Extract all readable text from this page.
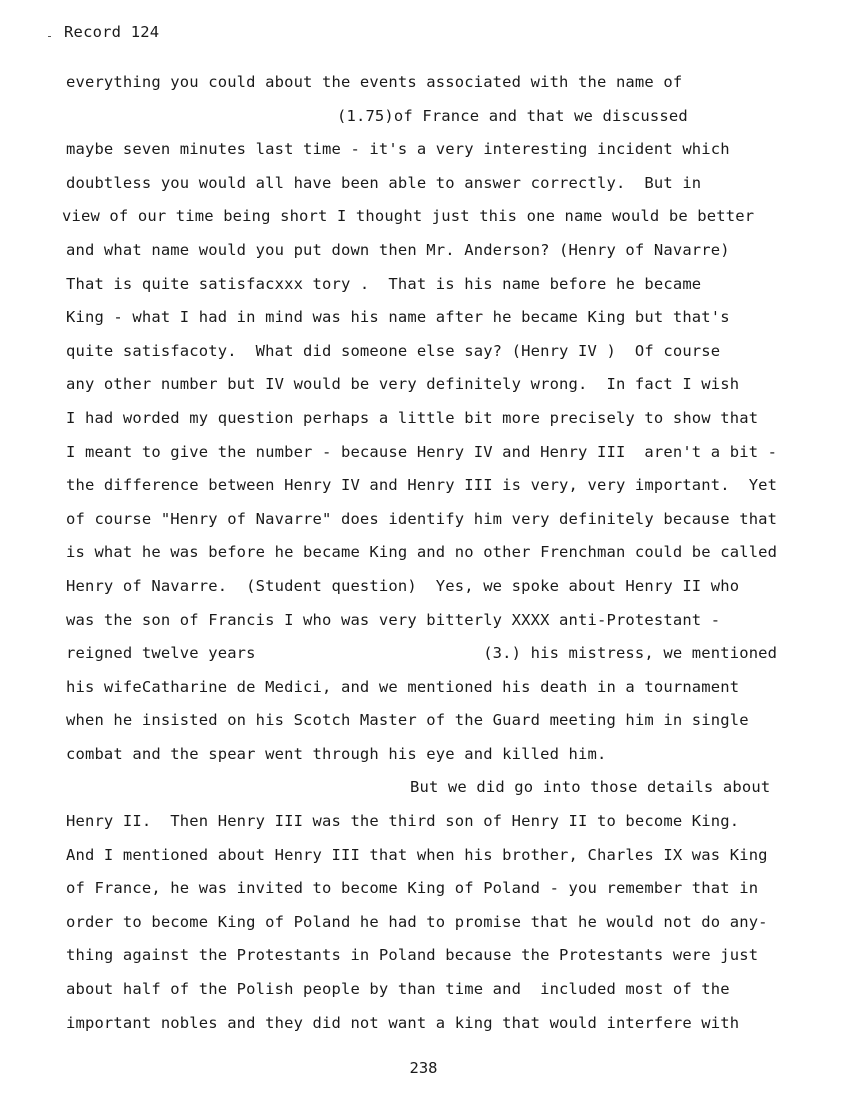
Record 124
everything you could about the events associated with the name of
(1.75)of France and that we discussed
maybe seven minutes last time - it's a very interesting incident which
doubtless you would all have been able to answer correctly.  But in
view of our time being short I thought just this one name would be better
and what name would you put down then Mr. Anderson? (Henry of Navarre)
That is quite satisfacxxx tory .  That is his name before he became
King - what I had in mind was his name after he became King but that's
quite satisfacoty.  What did someone else say? (Henry IV )  Of course
any other number but IV would be very definitely wrong.  In fact I wish
I had worded my question perhaps a little bit more precisely to show that
I meant to give the number - because Henry IV and Henry III  aren't a bit -
the difference between Henry IV and Henry III is very, very important.  Yet
of course "Henry of Navarre" does identify him very definitely because that
is what he was before he became King and no other Frenchman could be called
Henry of Navarre.  (Student question)  Yes, we spoke about Henry II who
was the son of Francis I who was very bitterly XXXX anti-Protestant -
reigned twelve years                        (3.) his mistress, we mentioned
his wifeCatharine de Medici, and we mentioned his death in a tournament
when he insisted on his Scotch Master of the Guard meeting him in single
combat and the spear went through his eye and killed him.
But we did go into those details about
Henry II.  Then Henry III was the third son of Henry II to become King.
And I mentioned about Henry III that when his brother, Charles IX was King
of France, he was invited to become King of Poland - you remember that in
order to become King of Poland he had to promise that he would not do any-
thing against the Protestants in Poland because the Protestants were just
about half of the Polish people by than time and  included most of the
important nobles and they did not want a king that would interfere with
238
